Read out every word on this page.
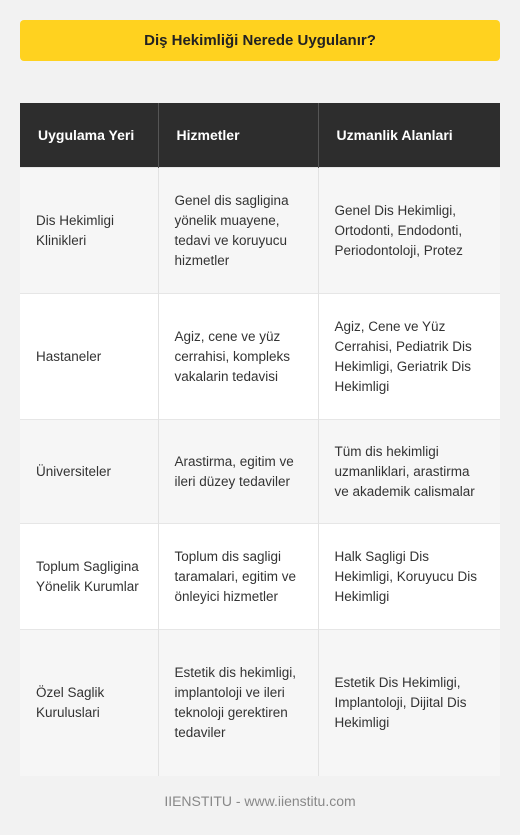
Diş Hekimliği Nerede Uygulanır?
Uygulama Yeri	Hizmetler	Uzmanlik Alanlari
Dis Hekimligi Klinikleri	Genel dis sagligina yönelik muayene, tedavi ve koruyucu hizmetler	Genel Dis Hekimligi, Ortodonti, Endodonti, Periodontoloji, Protez
Hastaneler	Agiz, cene ve yüz cerrahisi, kompleks vakalarin tedavisi	Agiz, Cene ve Yüz Cerrahisi, Pediatrik Dis Hekimligi, Geriatrik Dis Hekimligi
Üniversiteler	Arastirma, egitim ve ileri düzey tedaviler	Tüm dis hekimligi uzmanliklari, arastirma ve akademik calismalar
Toplum Sagligina Yönelik Kurumlar	Toplum dis sagligi taramalari, egitim ve önleyici hizmetler	Halk Sagligi Dis Hekimligi, Koruyucu Dis Hekimligi
Özel Saglik Kuruluslari	Estetik dis hekimligi, implantoloji ve ileri teknoloji gerektiren tedaviler	Estetik Dis Hekimligi, Implantoloji, Dijital Dis Hekimligi
IIENSTITU - www.iienstitu.com
